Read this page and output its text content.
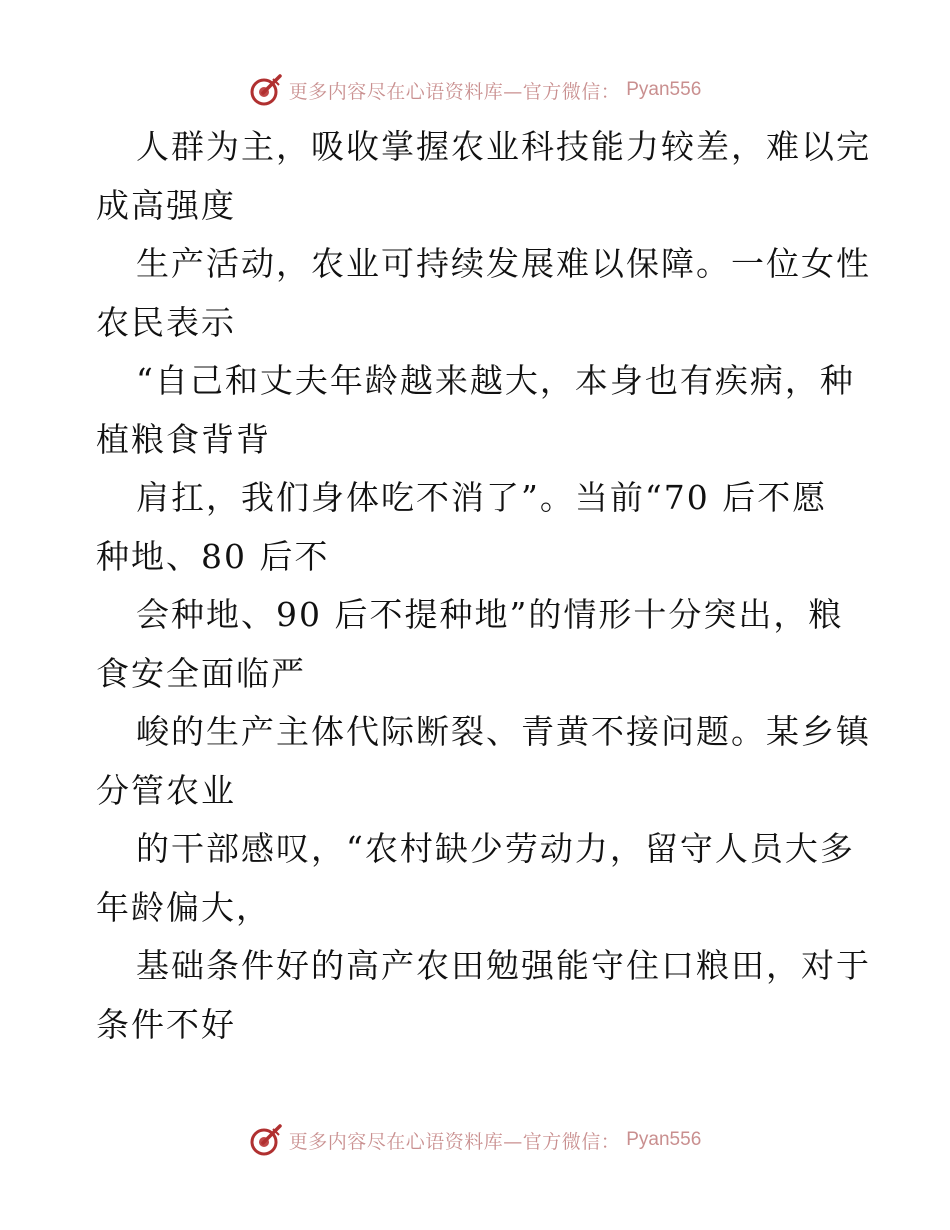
更多内容尽在心语资料库—官方微信： Pyan556
人群为主，吸收掌握农业科技能力较差，难以完
成高强度
生产活动，农业可持续发展难以保障。一位女性
农民表示
“自己和丈夫年龄越来越大，本身也有疾病，种
植粮食背背
肩扛，我们身体吃不消了”。当前“70 后不愿
种地、80 后不
会种地、90 后不提种地”的情形十分突出，粮
食安全面临严
峻的生产主体代际断裂、青黄不接问题。某乡镇
分管农业
的干部感叹，“农村缺少劳动力，留守人员大多
年龄偏大，
基础条件好的高产农田勉强能守住口粮田，对于
条件不好
更多内容尽在心语资料库—官方微信： Pyan556
